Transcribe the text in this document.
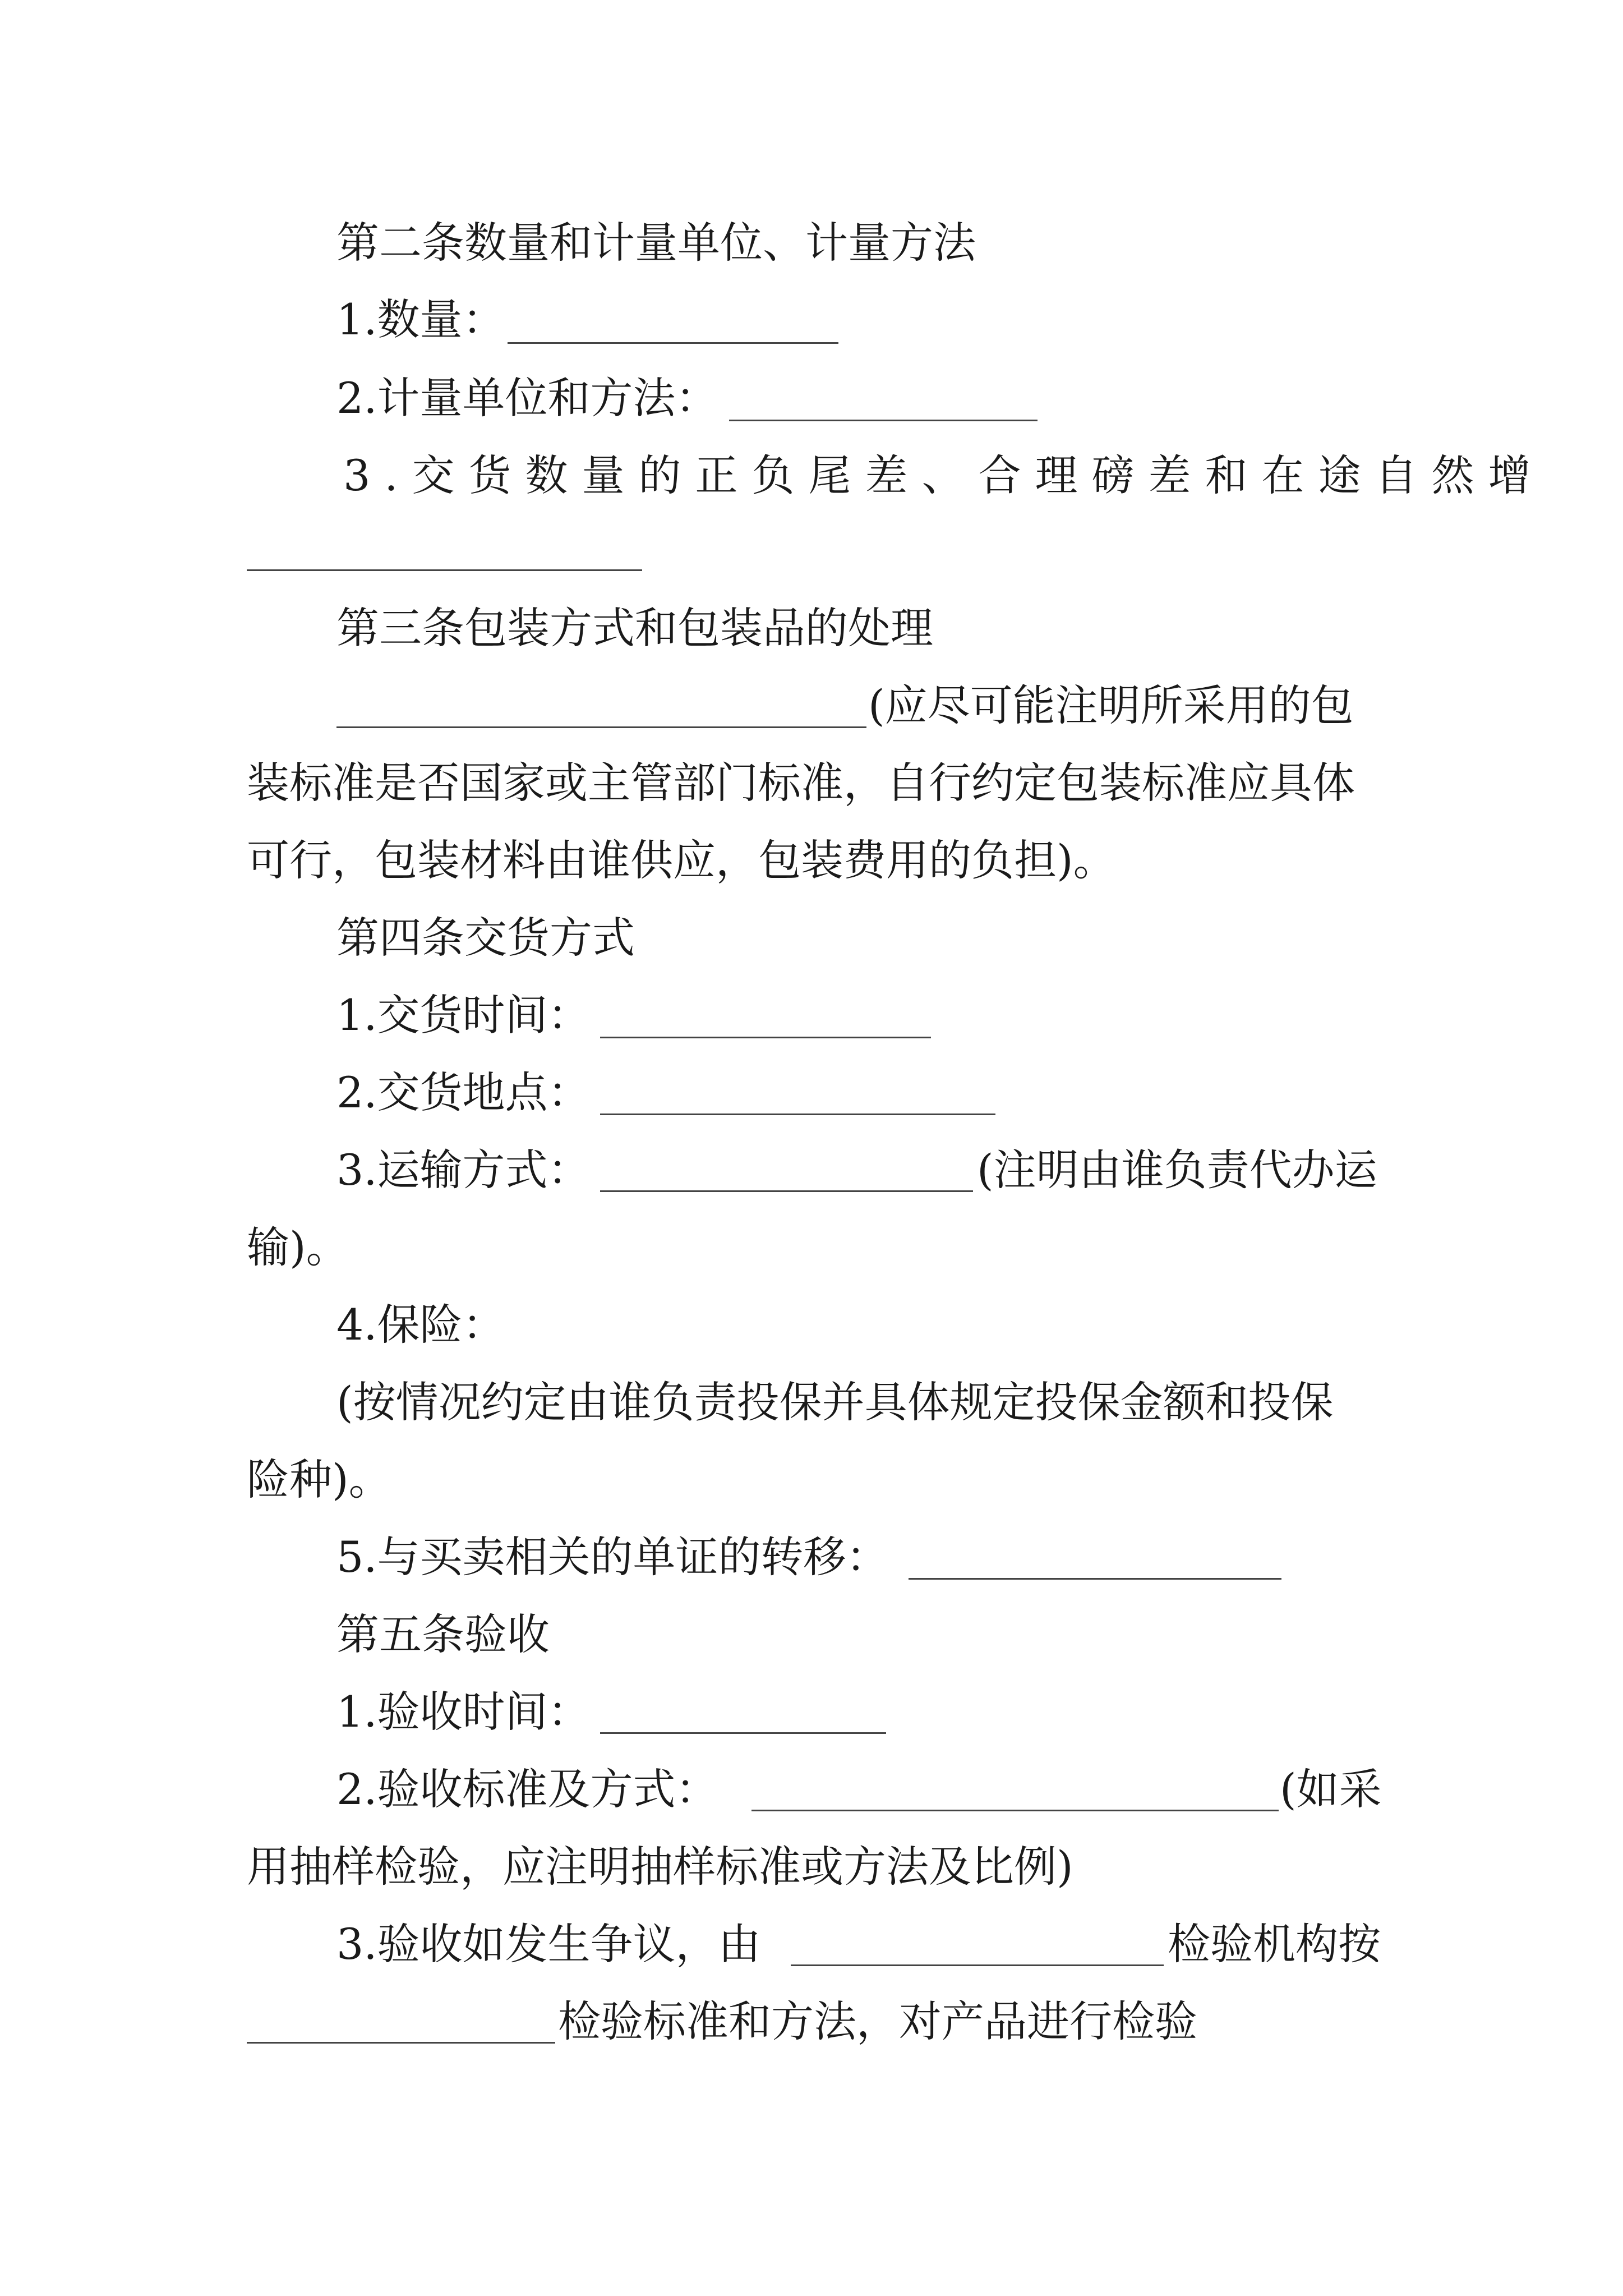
第二条数量和计量单位、计量方法
1.数量：
2.计量单位和方法：
3.交货数量的正负尾差、合理磅差和在途自然增
第三条包装方式和包装品的处理
(应尽可能注明所采用的包
装标准是否国家或主管部门标准，自行约定包装标准应具体
可行，包装材料由谁供应，包装费用的负担)。
第四条交货方式
1.交货时间：
2.交货地点：
3.运输方式：	(注明由谁负责代办运
输)。
4.保险：
(按情况约定由谁负责投保并具体规定投保金额和投保
险种)。
5.与买卖相关的单证的转移：
第五条验收
1.验收时间：
2.验收标准及方式：	(如采
用抽样检验，应注明抽样标准或方法及比例)
3.验收如发生争议，由	检验机构按
检验标准和方法，对产品进行检验
